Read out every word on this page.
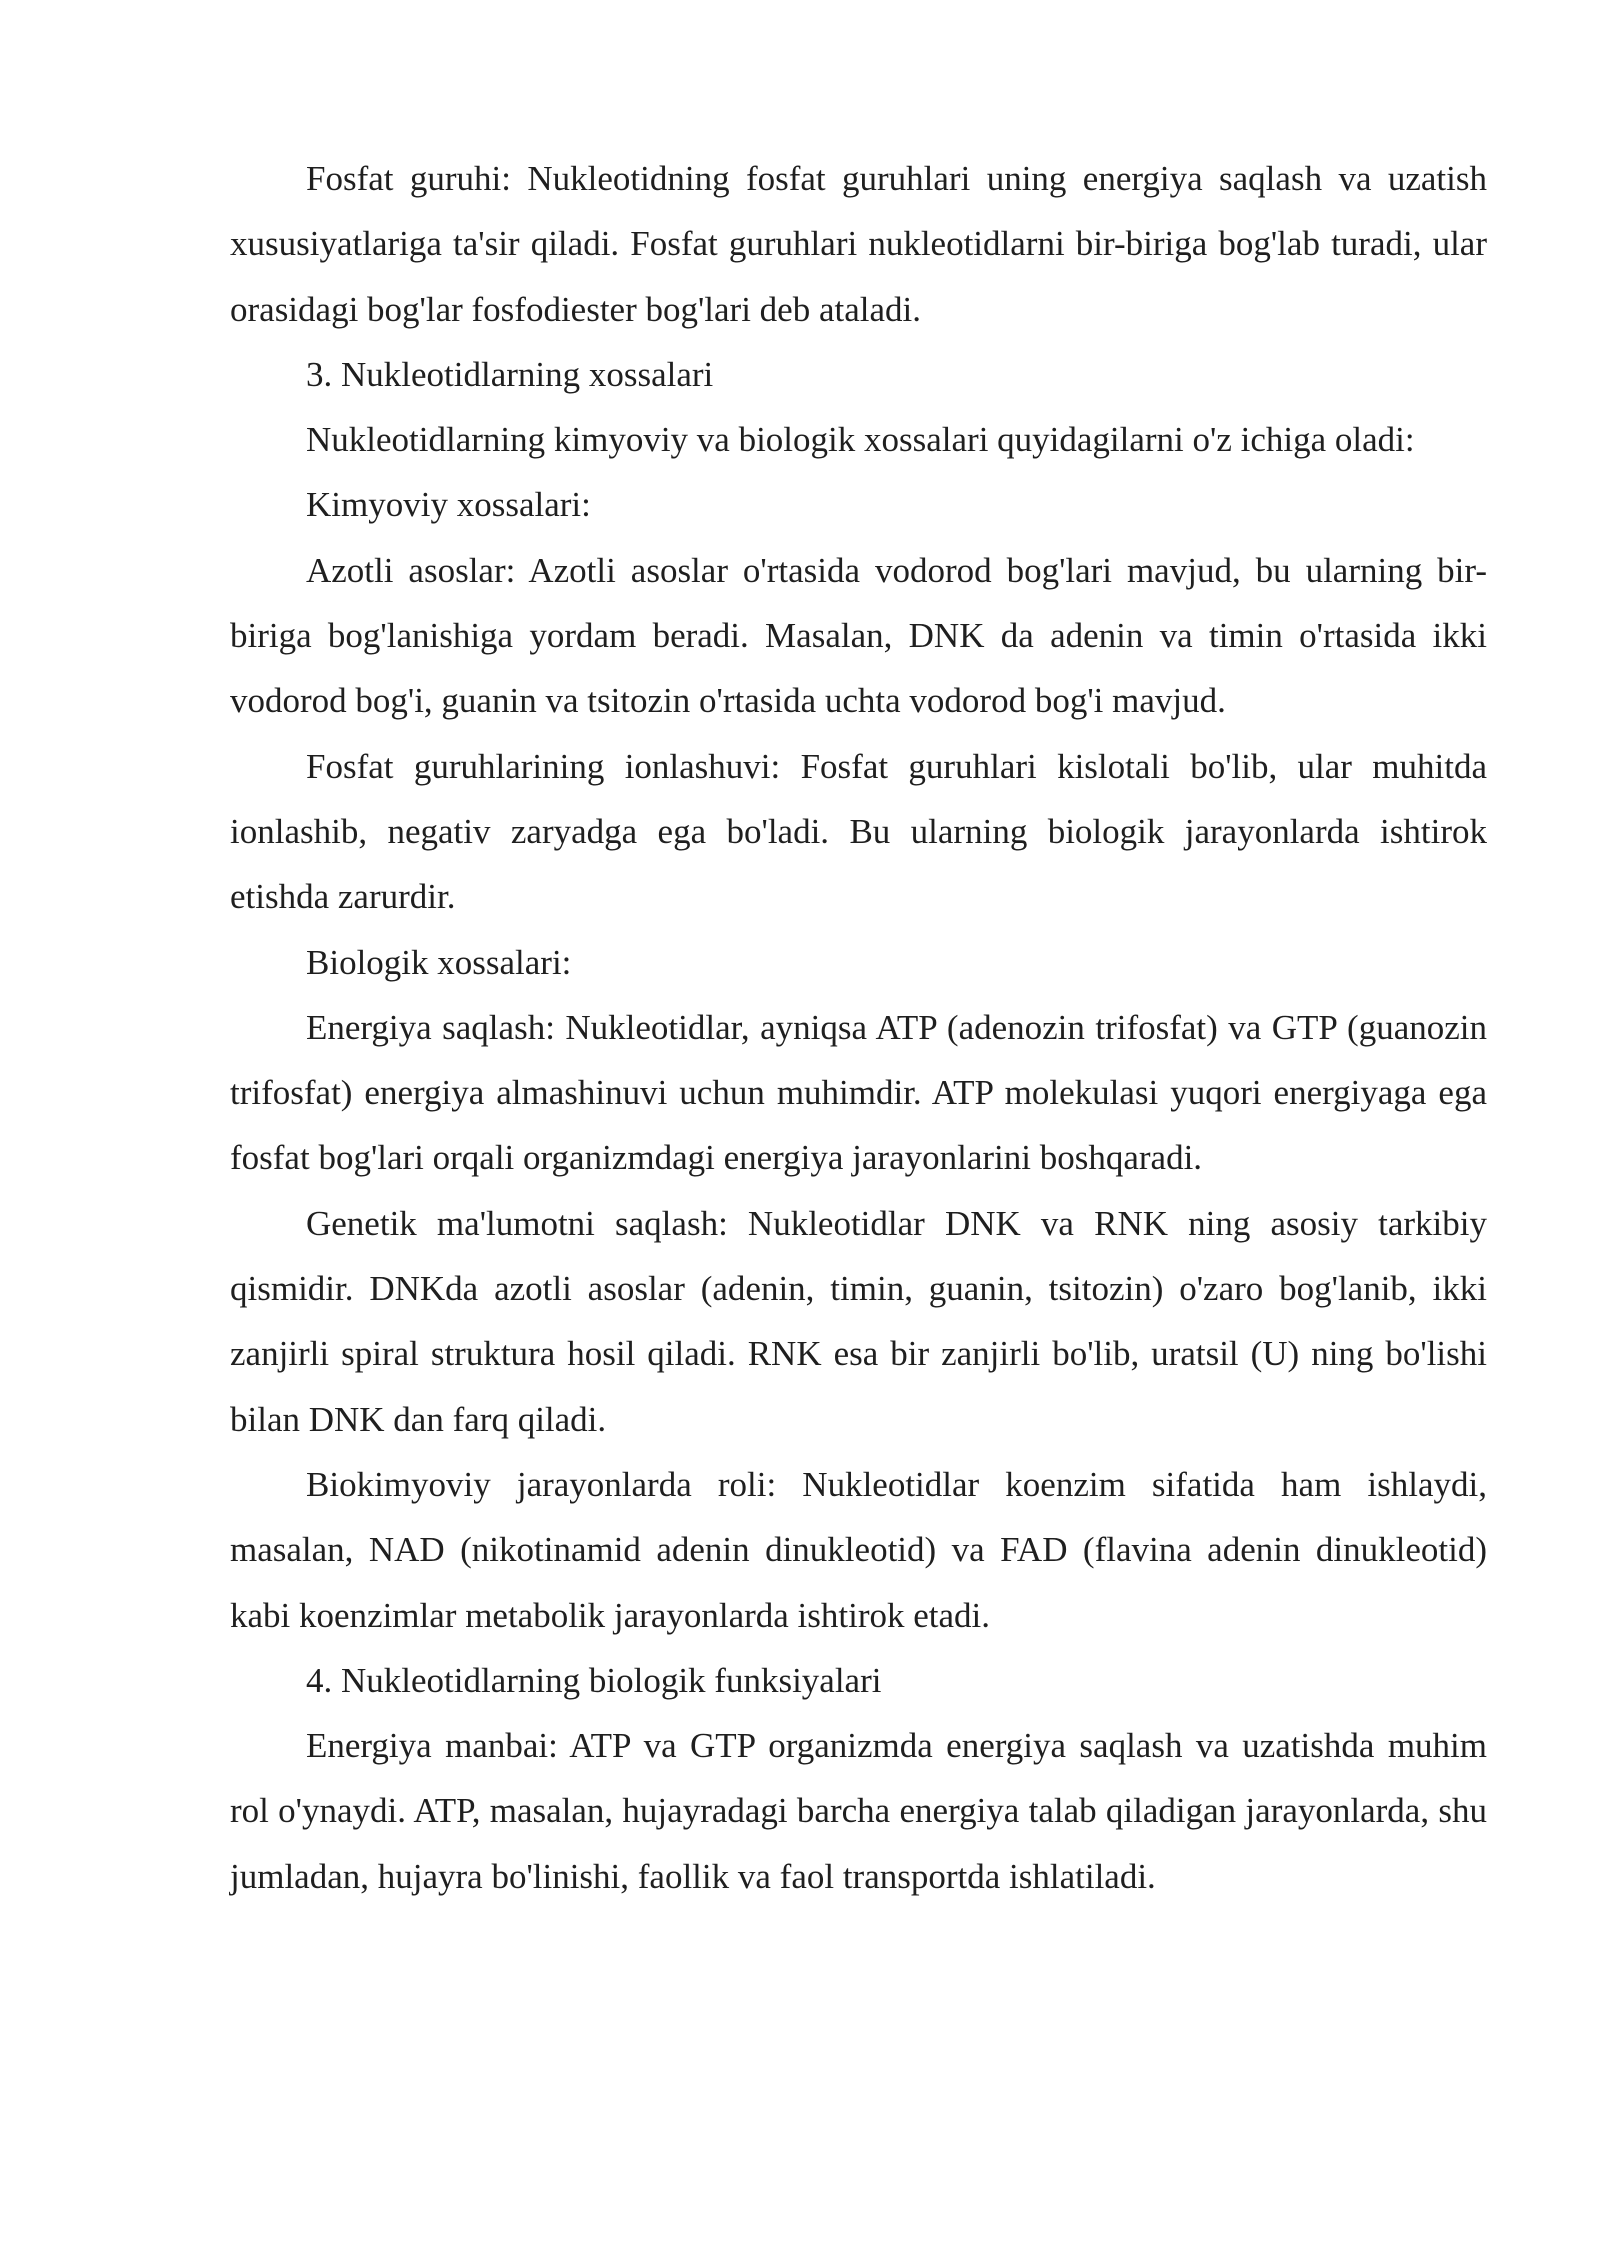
Fosfat guruhi: Nukleotidning fosfat guruhlari uning energiya saqlash va uzatish xususiyatlariga ta'sir qiladi. Fosfat guruhlari nukleotidlarni bir-biriga bog'lab turadi, ular orasidagi bog'lar fosfodiester bog'lari deb ataladi.

3. Nukleotidlarning xossalari

Nukleotidlarning kimyoviy va biologik xossalari quyidagilarni o'z ichiga oladi:

Kimyoviy xossalari:

Azotli asoslar: Azotli asoslar o'rtasida vodorod bog'lari mavjud, bu ularning bir-biriga bog'lanishiga yordam beradi. Masalan, DNK da adenin va timin o'rtasida ikki vodorod bog'i, guanin va tsitozin o'rtasida uchta vodorod bog'i mavjud.

Fosfat guruhlarining ionlashuvi: Fosfat guruhlari kislotali bo'lib, ular muhitda ionlashib, negativ zaryadga ega bo'ladi. Bu ularning biologik jarayonlarda ishtirok etishda zarurdir.

Biologik xossalari:

Energiya saqlash: Nukleotidlar, ayniqsa ATP (adenozin trifosfat) va GTP (guanozin trifosfat) energiya almashinuvi uchun muhimdir. ATP molekulasi yuqori energiyaga ega fosfat bog'lari orqali organizmdagi energiya jarayonlarini boshqaradi.

Genetik ma'lumotni saqlash: Nukleotidlar DNK va RNK ning asosiy tarkibiy qismidir. DNKda azotli asoslar (adenin, timin, guanin, tsitozin) o'zaro bog'lanib, ikki zanjirli spiral struktura hosil qiladi. RNK esa bir zanjirli bo'lib, uratsil (U) ning bo'lishi bilan DNK dan farq qiladi.

Biokimyoviy jarayonlarda roli: Nukleotidlar koenzim sifatida ham ishlaydi, masalan, NAD (nikotinamid adenin dinukleotid) va FAD (flavina adenin dinukleotid) kabi koenzimlar metabolik jarayonlarda ishtirok etadi.

4. Nukleotidlarning biologik funksiyalari

Energiya manbai: ATP va GTP organizmda energiya saqlash va uzatishda muhim rol o'ynaydi. ATP, masalan, hujayradagi barcha energiya talab qiladigan jarayonlarda, shu jumladan, hujayra bo'linishi, faollik va faol transportda ishlatiladi.
